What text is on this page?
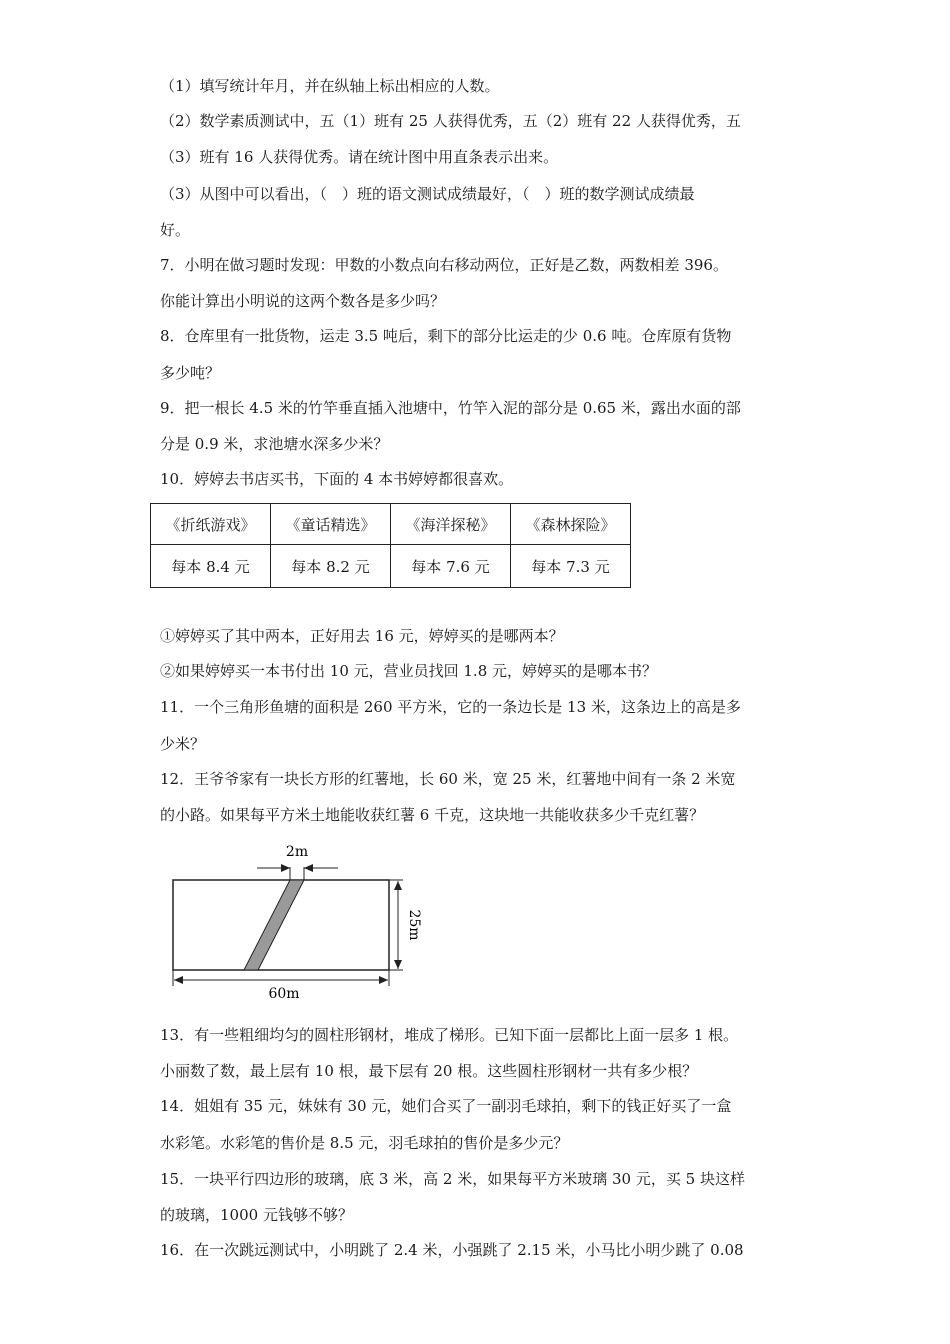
（1）填写统计年月，并在纵轴上标出相应的人数。
（2）数学素质测试中，五（1）班有 25 人获得优秀，五（2）班有 22 人获得优秀，五
（3）班有 16 人获得优秀。请在统计图中用直条表示出来。
（3）从图中可以看出，（　）班的语文测试成绩最好，（　）班的数学测试成绩最
好。
7．小明在做习题时发现：甲数的小数点向右移动两位，正好是乙数，两数相差 396。
你能计算出小明说的这两个数各是多少吗？
8．仓库里有一批货物，运走 3.5 吨后，剩下的部分比运走的少 0.6 吨。仓库原有货物
多少吨？
9．把一根长 4.5 米的竹竿垂直插入池塘中，竹竿入泥的部分是 0.65 米，露出水面的部
分是 0.9 米，求池塘水深多少米？
10．婷婷去书店买书，下面的 4 本书婷婷都很喜欢。
《折纸游戏》	《童话精选》	《海洋探秘》	《森林探险》
每本 8.4 元	每本 8.2 元	每本 7.6 元	每本 7.3 元
①婷婷买了其中两本，正好用去 16 元，婷婷买的是哪两本？
②如果婷婷买一本书付出 10 元，营业员找回 1.8 元，婷婷买的是哪本书？
11．一个三角形鱼塘的面积是 260 平方米，它的一条边长是 13 米，这条边上的高是多
少米？
12．王爷爷家有一块长方形的红薯地，长 60 米，宽 25 米，红薯地中间有一条 2 米宽
的小路。如果每平方米土地能收获红薯 6 千克，这块地一共能收获多少千克红薯？
2m
25m
60m
13．有一些粗细均匀的圆柱形钢材，堆成了梯形。已知下面一层都比上面一层多 1 根。
小丽数了数，最上层有 10 根，最下层有 20 根。这些圆柱形钢材一共有多少根？
14．姐姐有 35 元，妹妹有 30 元，她们合买了一副羽毛球拍，剩下的钱正好买了一盒
水彩笔。水彩笔的售价是 8.5 元，羽毛球拍的售价是多少元？
15．一块平行四边形的玻璃，底 3 米，高 2 米，如果每平方米玻璃 30 元，买 5 块这样
的玻璃，1000 元钱够不够？
16．在一次跳远测试中，小明跳了 2.4 米，小强跳了 2.15 米，小马比小明少跳了 0.08
